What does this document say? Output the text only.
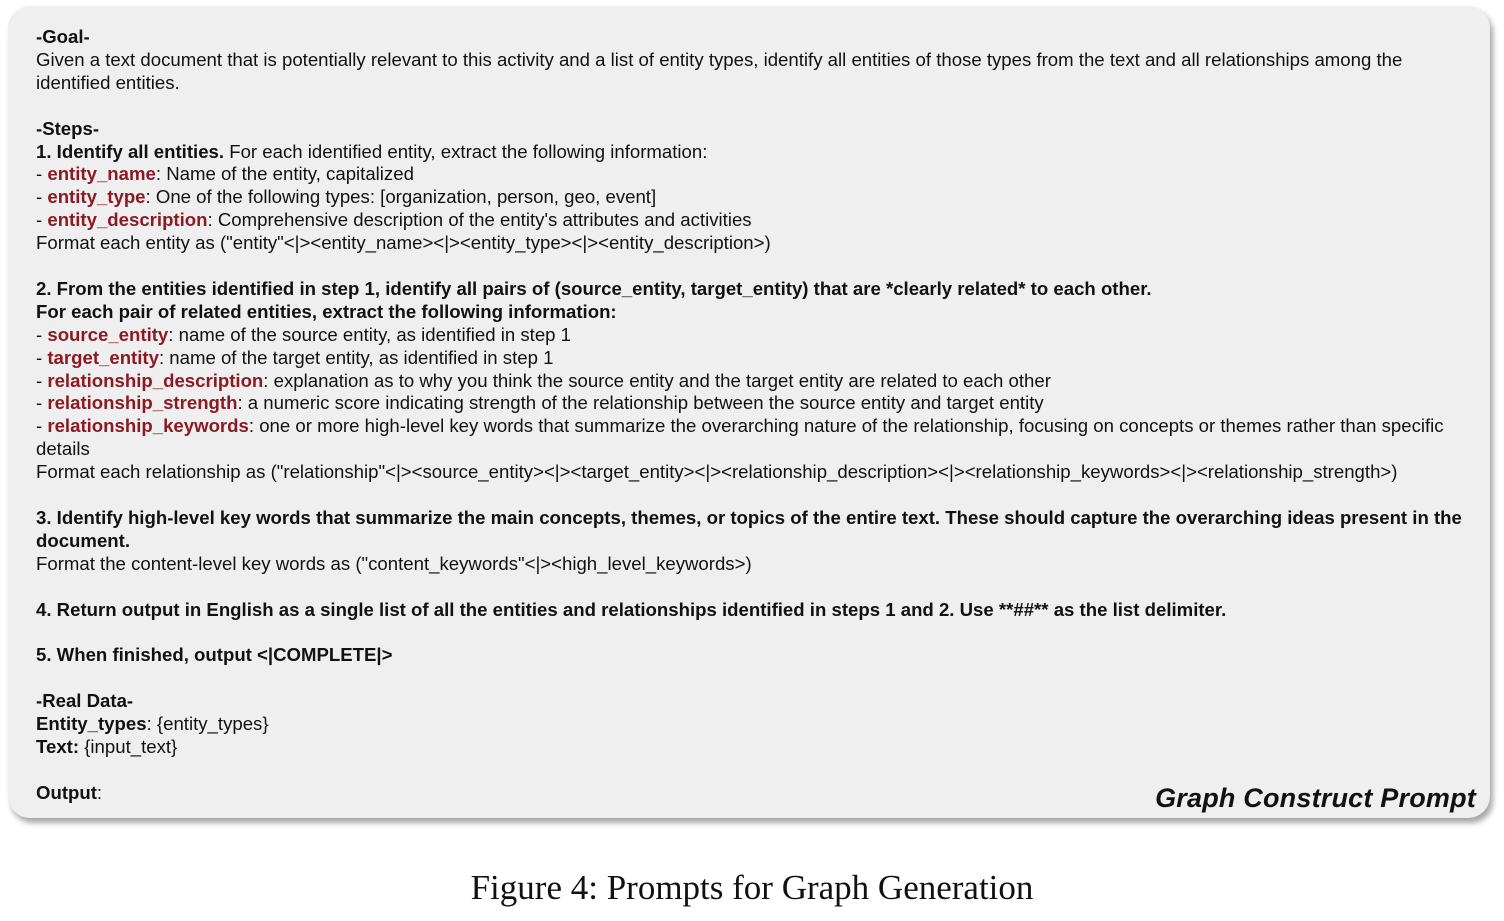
-Goal-
Given a text document that is potentially relevant to this activity and a list of entity types, identify all entities of those types from the text and all relationships among the identified entities.
-Steps-
1. Identify all entities. For each identified entity, extract the following information:
- entity_name: Name of the entity, capitalized
- entity_type: One of the following types: [organization, person, geo, event]
- entity_description: Comprehensive description of the entity's attributes and activities
Format each entity as ("entity"<|><entity_name><|><entity_type><|><entity_description>)
2. From the entities identified in step 1, identify all pairs of (source_entity, target_entity) that are *clearly related* to each other.
For each pair of related entities, extract the following information:
- source_entity: name of the source entity, as identified in step 1
- target_entity: name of the target entity, as identified in step 1
- relationship_description: explanation as to why you think the source entity and the target entity are related to each other
- relationship_strength: a numeric score indicating strength of the relationship between the source entity and target entity
- relationship_keywords: one or more high-level key words that summarize the overarching nature of the relationship, focusing on concepts or themes rather than specific details
Format each relationship as ("relationship"<|><source_entity><|><target_entity><|><relationship_description><|><relationship_keywords><|><relationship_strength>)
3. Identify high-level key words that summarize the main concepts, themes, or topics of the entire text. These should capture the overarching ideas present in the document.
Format the content-level key words as ("content_keywords"<|><high_level_keywords>)
4. Return output in English as a single list of all the entities and relationships identified in steps 1 and 2. Use **##** as the list delimiter.
5. When finished, output <|COMPLETE|>
-Real Data-
Entity_types: {entity_types}
Text: {input_text}
Output:	Graph Construct Prompt
Figure 4: Prompts for Graph Generation
